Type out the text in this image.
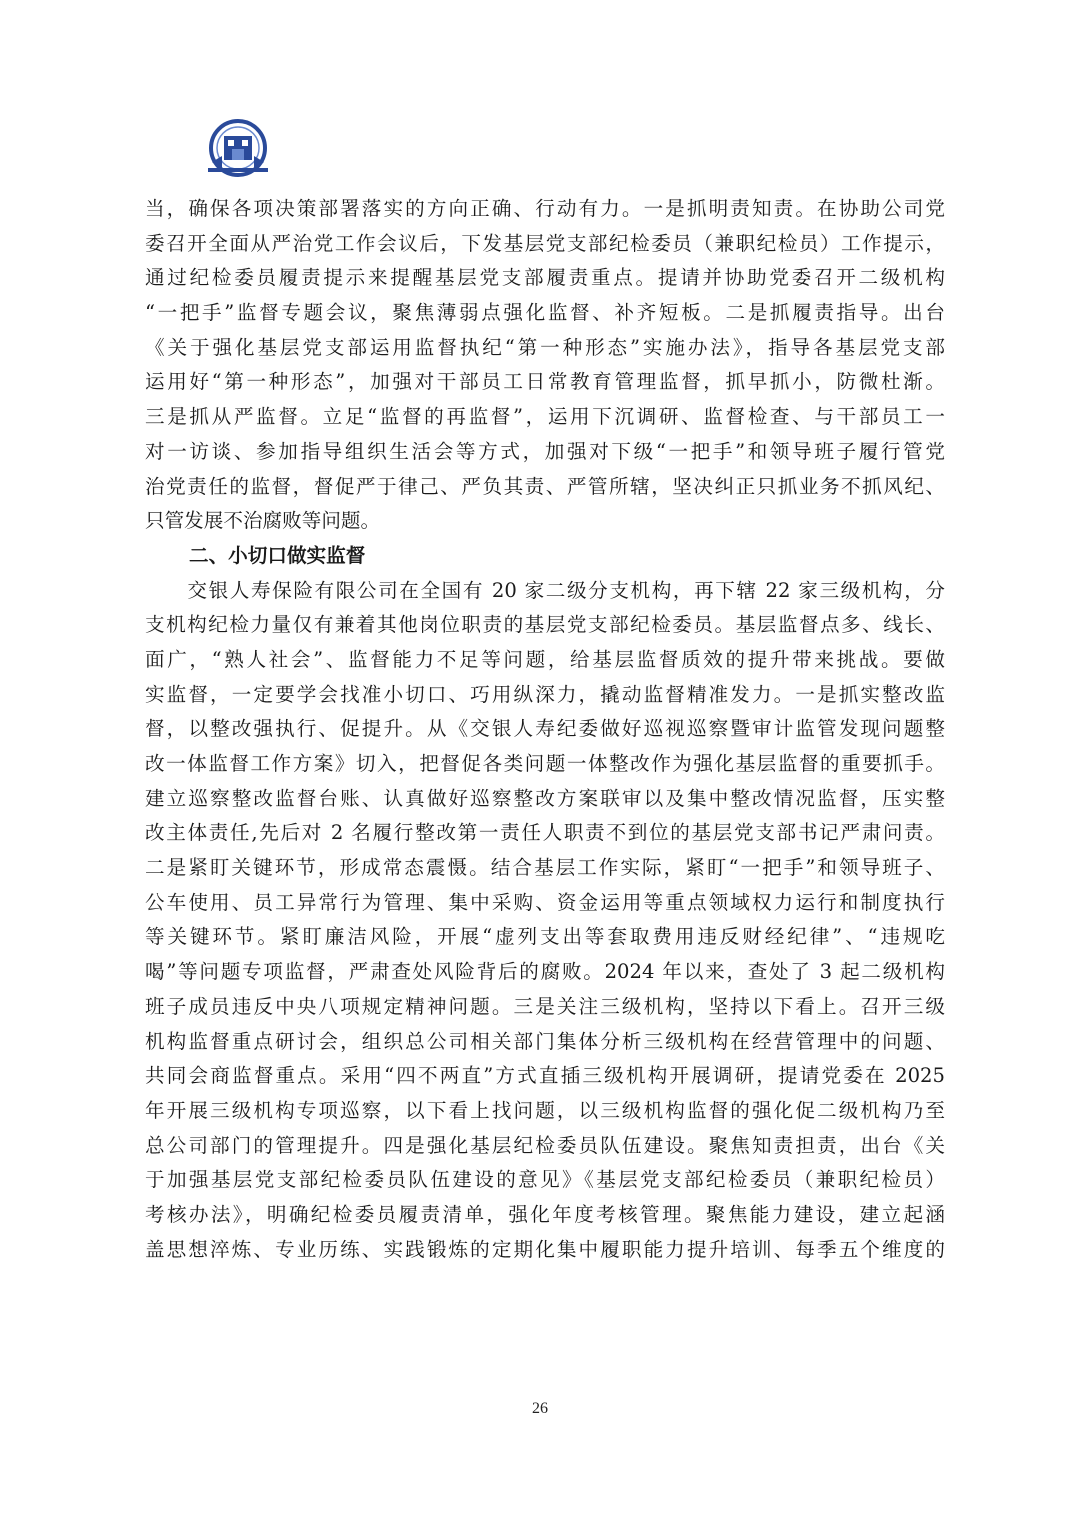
当，确保各项决策部署落实的方向正确、行动有力。一是抓明责知责。在协助公司党
委召开全面从严治党工作会议后，下发基层党支部纪检委员（兼职纪检员）工作提示，
通过纪检委员履责提示来提醒基层党支部履责重点。提请并协助党委召开二级机构
“一把手”监督专题会议，聚焦薄弱点强化监督、补齐短板。二是抓履责指导。出台
《关于强化基层党支部运用监督执纪“第一种形态”实施办法》，指导各基层党支部
运用好“第一种形态”，加强对干部员工日常教育管理监督，抓早抓小，防微杜渐。
三是抓从严监督。立足“监督的再监督”，运用下沉调研、监督检查、与干部员工一
对一访谈、参加指导组织生活会等方式，加强对下级“一把手”和领导班子履行管党
治党责任的监督，督促严于律己、严负其责、严管所辖，坚决纠正只抓业务不抓风纪、
只管发展不治腐败等问题。
二、小切口做实监督
　　交银人寿保险有限公司在全国有 20 家二级分支机构，再下辖 22 家三级机构，分
支机构纪检力量仅有兼着其他岗位职责的基层党支部纪检委员。基层监督点多、线长、
面广，“熟人社会”、监督能力不足等问题，给基层监督质效的提升带来挑战。要做
实监督，一定要学会找准小切口、巧用纵深力，撬动监督精准发力。一是抓实整改监
督，以整改强执行、促提升。从《交银人寿纪委做好巡视巡察暨审计监管发现问题整
改一体监督工作方案》切入，把督促各类问题一体整改作为强化基层监督的重要抓手。
建立巡察整改监督台账、认真做好巡察整改方案联审以及集中整改情况监督，压实整
改主体责任,先后对 2 名履行整改第一责任人职责不到位的基层党支部书记严肃问责。
二是紧盯关键环节，形成常态震慑。结合基层工作实际，紧盯“一把手”和领导班子、
公车使用、员工异常行为管理、集中采购、资金运用等重点领域权力运行和制度执行
等关键环节。紧盯廉洁风险，开展“虚列支出等套取费用违反财经纪律”、“违规吃
喝”等问题专项监督，严肃查处风险背后的腐败。2024 年以来，查处了 3 起二级机构
班子成员违反中央八项规定精神问题。三是关注三级机构，坚持以下看上。召开三级
机构监督重点研讨会，组织总公司相关部门集体分析三级机构在经营管理中的问题、
共同会商监督重点。采用“四不两直”方式直插三级机构开展调研，提请党委在 2025
年开展三级机构专项巡察，以下看上找问题，以三级机构监督的强化促二级机构乃至
总公司部门的管理提升。四是强化基层纪检委员队伍建设。聚焦知责担责，出台《关
于加强基层党支部纪检委员队伍建设的意见》《基层党支部纪检委员（兼职纪检员）
考核办法》，明确纪检委员履责清单，强化年度考核管理。聚焦能力建设，建立起涵
盖思想淬炼、专业历练、实践锻炼的定期化集中履职能力提升培训、每季五个维度的
26
